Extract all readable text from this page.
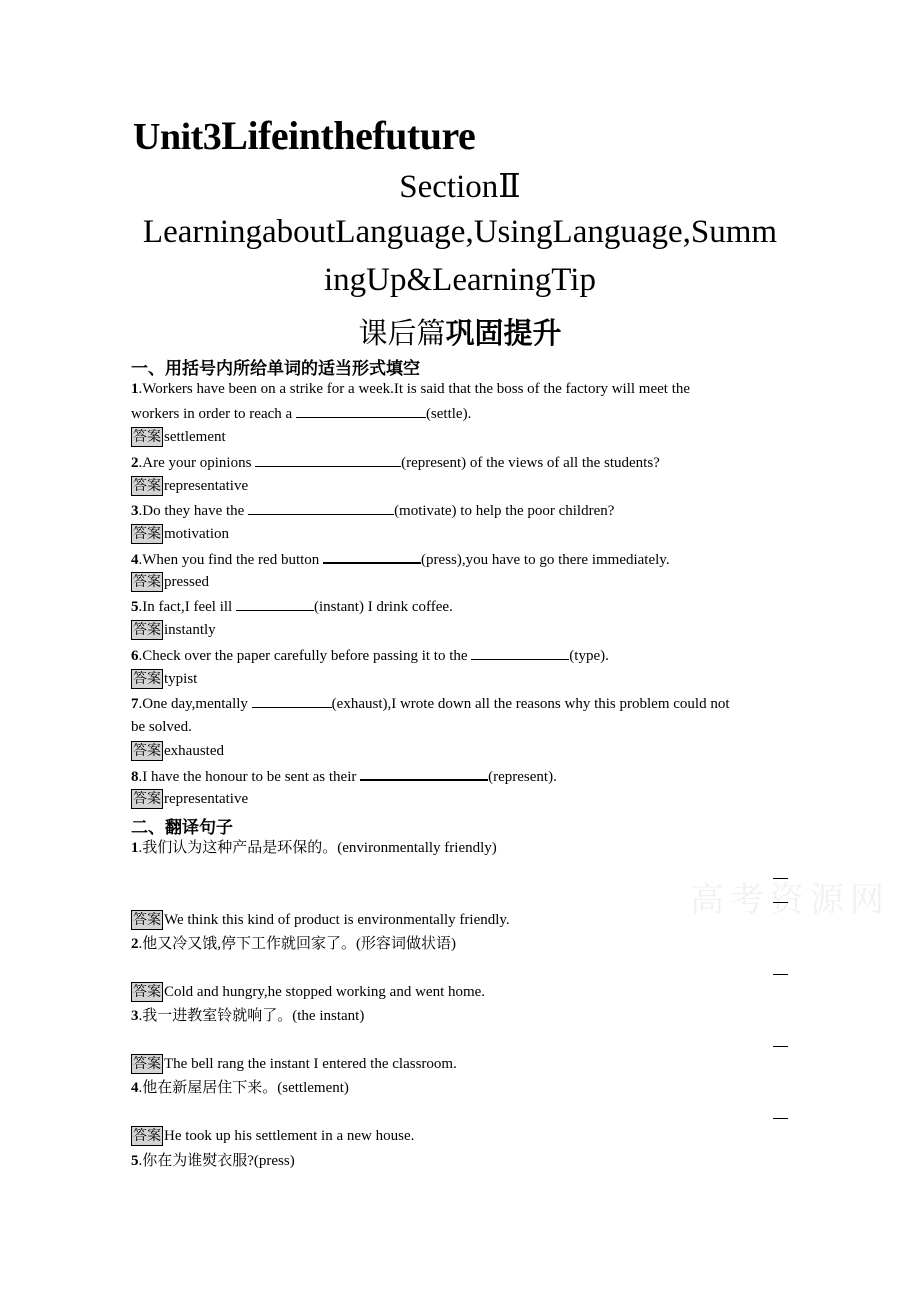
高考资源网
Unit3Lifeinthefuture
SectionⅡ
LearningaboutLanguage,UsingLanguage,Summ
ingUp&LearningTip
课后篇巩固提升
一、用括号内所给单词的适当形式填空
1.Workers have been on a strike for a week.It is said that the boss of the factory will meet the
workers in order to reach a	(settle).
答案 settlement
2.Are your opinions	(represent) of the views of all the students?
答案 representative
3.Do they have the	(motivate) to help the poor children?
答案 motivation
4.When you find the red button	(press),you have to go there immediately.
答案 pressed
5.In fact,I feel ill	(instant) I drink coffee.
答案 instantly
6.Check over the paper carefully before passing it to the	(type).
答案 typist
7.One day,mentally	(exhaust),I wrote down all the reasons why this problem could not
be solved.
答案 exhausted
8.I have the honour to be sent as their	(represent).
答案 representative
二、翻译句子
1.我们认为这种产品是环保的。(environmentally friendly)
答案 We think this kind of product is environmentally friendly.
2.他又冷又饿,停下工作就回家了。(形容词做状语)
答案 Cold and hungry,he stopped working and went home.
3.我一进教室铃就响了。(the instant)
答案 The bell rang the instant I entered the classroom.
4.他在新屋居住下来。(settlement)
答案 He took up his settlement in a new house.
5.你在为谁熨衣服?(press)
